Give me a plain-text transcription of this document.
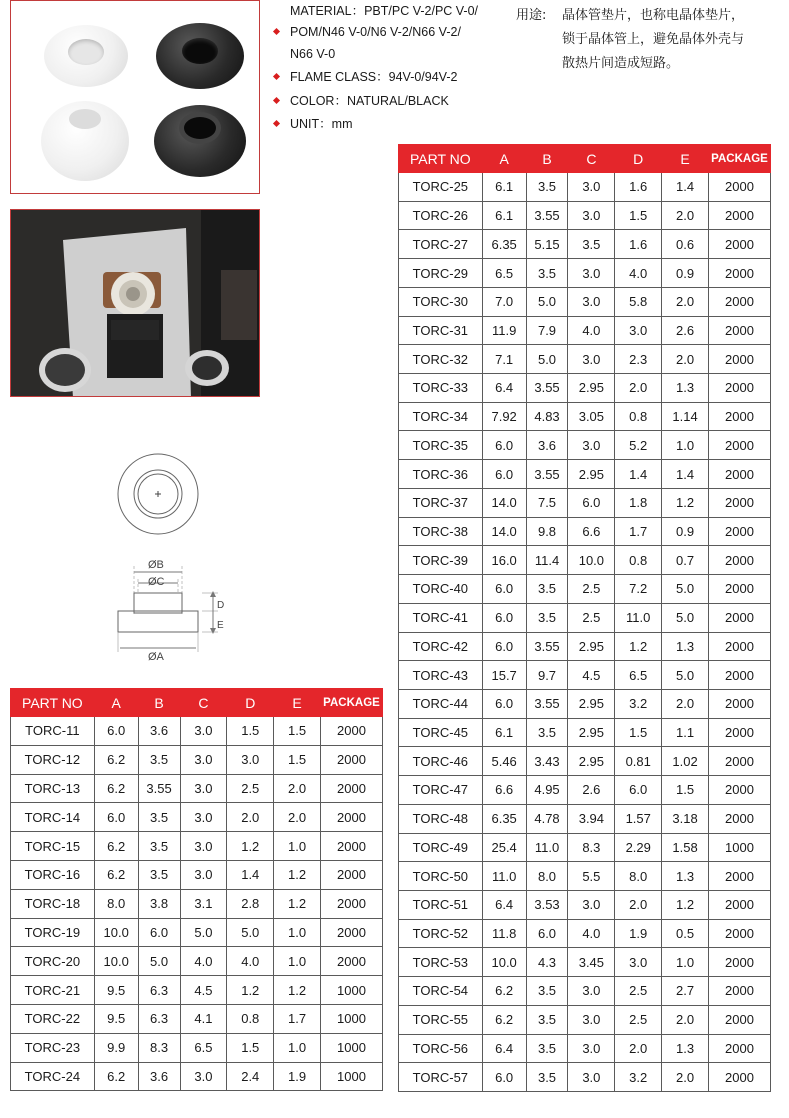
MATERIAL：PBT/PC V-2/PC V-0/
POM/N46 V-0/N6 V-2/N66 V-2/
N66 V-0
FLAME CLASS：94V-0/94V-2
COLOR：NATURAL/BLACK
UNIT：mm
用途:	晶体管垫片，也称电晶体垫片，
锁于晶体管上，避免晶体外壳与
散热片间造成短路。
ØB
ØC
ØA
D
E
PART NO	A	B	C	D	E	PACKAGE
TORC-11	6.0	3.6	3.0	1.5	1.5	2000
TORC-12	6.2	3.5	3.0	3.0	1.5	2000
TORC-13	6.2	3.55	3.0	2.5	2.0	2000
TORC-14	6.0	3.5	3.0	2.0	2.0	2000
TORC-15	6.2	3.5	3.0	1.2	1.0	2000
TORC-16	6.2	3.5	3.0	1.4	1.2	2000
TORC-18	8.0	3.8	3.1	2.8	1.2	2000
TORC-19	10.0	6.0	5.0	5.0	1.0	2000
TORC-20	10.0	5.0	4.0	4.0	1.0	2000
TORC-21	9.5	6.3	4.5	1.2	1.2	1000
TORC-22	9.5	6.3	4.1	0.8	1.7	1000
TORC-23	9.9	8.3	6.5	1.5	1.0	1000
TORC-24	6.2	3.6	3.0	2.4	1.9	1000
PART NO	A	B	C	D	E	PACKAGE
TORC-25	6.1	3.5	3.0	1.6	1.4	2000
TORC-26	6.1	3.55	3.0	1.5	2.0	2000
TORC-27	6.35	5.15	3.5	1.6	0.6	2000
TORC-29	6.5	3.5	3.0	4.0	0.9	2000
TORC-30	7.0	5.0	3.0	5.8	2.0	2000
TORC-31	11.9	7.9	4.0	3.0	2.6	2000
TORC-32	7.1	5.0	3.0	2.3	2.0	2000
TORC-33	6.4	3.55	2.95	2.0	1.3	2000
TORC-34	7.92	4.83	3.05	0.8	1.14	2000
TORC-35	6.0	3.6	3.0	5.2	1.0	2000
TORC-36	6.0	3.55	2.95	1.4	1.4	2000
TORC-37	14.0	7.5	6.0	1.8	1.2	2000
TORC-38	14.0	9.8	6.6	1.7	0.9	2000
TORC-39	16.0	11.4	10.0	0.8	0.7	2000
TORC-40	6.0	3.5	2.5	7.2	5.0	2000
TORC-41	6.0	3.5	2.5	11.0	5.0	2000
TORC-42	6.0	3.55	2.95	1.2	1.3	2000
TORC-43	15.7	9.7	4.5	6.5	5.0	2000
TORC-44	6.0	3.55	2.95	3.2	2.0	2000
TORC-45	6.1	3.5	2.95	1.5	1.1	2000
TORC-46	5.46	3.43	2.95	0.81	1.02	2000
TORC-47	6.6	4.95	2.6	6.0	1.5	2000
TORC-48	6.35	4.78	3.94	1.57	3.18	2000
TORC-49	25.4	11.0	8.3	2.29	1.58	1000
TORC-50	11.0	8.0	5.5	8.0	1.3	2000
TORC-51	6.4	3.53	3.0	2.0	1.2	2000
TORC-52	11.8	6.0	4.0	1.9	0.5	2000
TORC-53	10.0	4.3	3.45	3.0	1.0	2000
TORC-54	6.2	3.5	3.0	2.5	2.7	2000
TORC-55	6.2	3.5	3.0	2.5	2.0	2000
TORC-56	6.4	3.5	3.0	2.0	1.3	2000
TORC-57	6.0	3.5	3.0	3.2	2.0	2000
